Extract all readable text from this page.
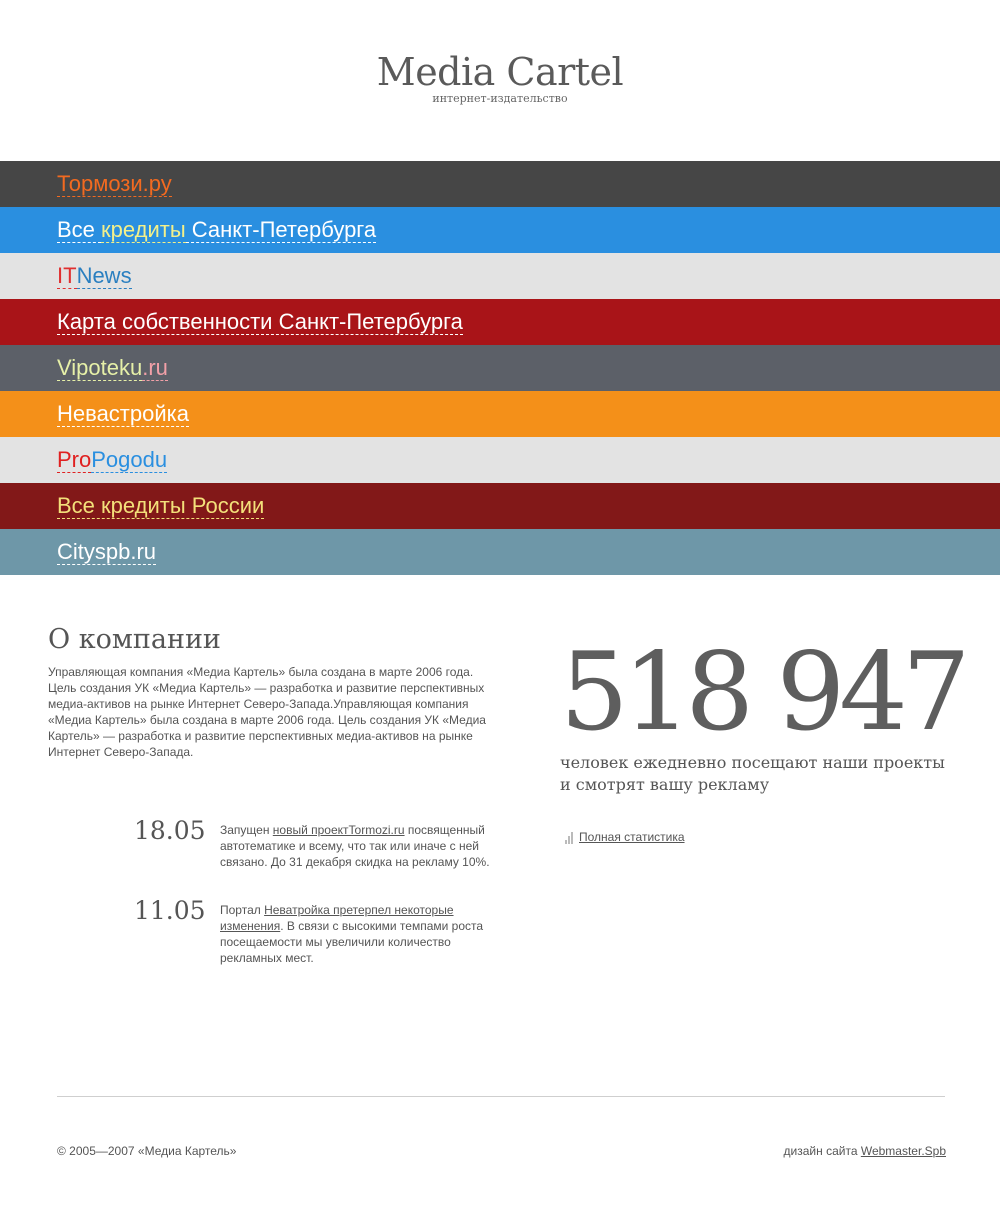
Media Cartel
интернет-издательство
Тормози.ру
Все кредиты Санкт-Петербурга
ITNews
Карта собственности Санкт-Петербурга
Vipoteku.ru
Невастройка
ProPogodu
Все кредиты России
Cityspb.ru
О компании

Управляющая компания «Медиа Картель» была создана в марте 2006 года. Цель создания УК «Медиа Картель» — разработка и развитие перспективных медиа-активов на рынке Интернет Северо-Запада.Управляющая компания «Медиа Картель» была создана в марте 2006 года. Цель создания УК «Медиа Картель» — разработка и развитие перспективных медиа-активов на рынке Интернет Северо-Запада.

18.05 Запущен новый проектTormozi.ru посвященный автотематике и всему, что так или иначе с ней связано. До 31 декабря скидка на рекламу 10%.
11.05 Портал Неватройка претерпел некоторые изменения. В связи с высокими темпами роста посещаемости мы увеличили количество рекламных мест.
518 947
человек ежедневно посещают наши проекты и смотрят вашу рекламу
Полная статистика
© 2005—2007 «Медиа Картель»	дизайн сайта Webmaster.Spb
